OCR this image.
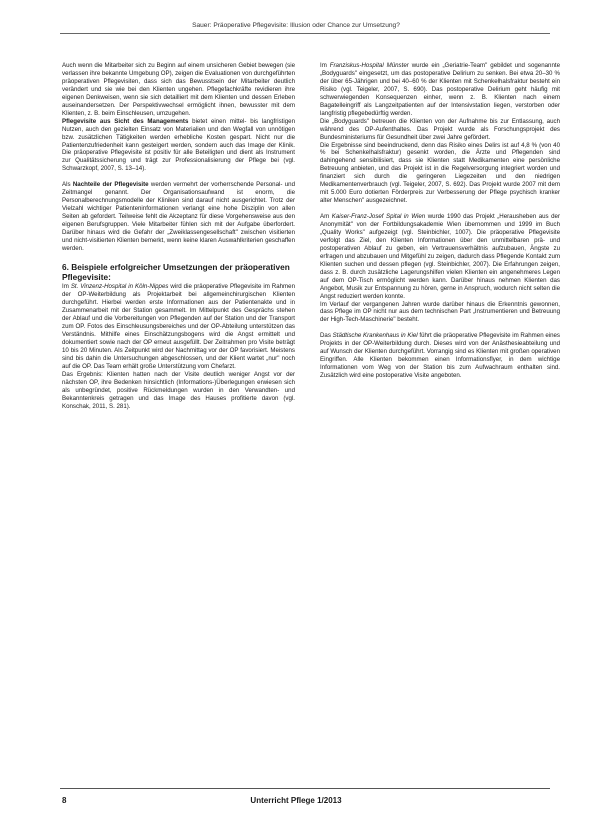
Sauer: Präoperative Pflegevisite: Illusion oder Chance zur Umsetzung?

Auch wenn die Mitarbeiter sich zu Beginn auf einem unsicheren Gebiet bewegen (sie verlassen ihre bekannte Umgebung OP), zeigen die Evaluationen von durchgeführten präoperativen Pflegevisiten, dass sich das Bewusstsein der Mitarbeiter deutlich verändert und sie wie bei den Klienten ungehen. Pflegefachkräfte revidieren ihre eigenen Denkweisen, wenn sie sich detailliert mit dem Klienten und dessen Erleben auseinandersetzen. Der Perspektivwechsel ermöglicht ihnen, bewusster mit dem Klienten, z. B. beim Einschleusen, umzugehen.

Pflegevisite aus Sicht des Managements bietet einen mittel- bis langfristigen Nutzen, auch den gezielten Einsatz von Materialien und den Wegfall von unnötigen bzw. zusätzlichen Tätigkeiten werden erhebliche Kosten gespart. Nicht nur die Patientenzufriedenheit kann gesteigert werden, sondern auch das Image der Klinik. Die präoperative Pflegevisite ist positiv für alle Beteiligten und dient als Instrument zur Qualitätssicherung und trägt zur Professionalisierung der Pflege bei (vgl. Schwarzkopf, 2007, S. 13–14).

Als Nachteile der Pflegevisite werden vermehrt der vorherrschende Personal- und Zeitmangel genannt. Der Organisationsaufwand ist enorm, die Personalberechnungsmodelle der Kliniken sind darauf nicht ausgerichtet. Trotz der Vielzahl wichtiger Patienteninformationen verlangt eine hohe Disziplin von allen Seiten ab gefordert. Teilweise fehlt die Akzeptanz für diese Vorgehensweise aus den eigenen Berufsgruppen. Viele Mitarbeiter fühlen sich mit der Aufgabe überfordert. Darüber hinaus wird die Gefahr der „Zweiklassengesellschaft" zwischen visitierten und nicht-visitierten Klienten bemerkt, wenn keine klaren Auswahlkriterien geschaffen werden.

6. Beispiele erfolgreicher Umsetzungen der präoperativen Pflegevisite:

Im St. Vinzenz-Hospital in Köln-Nippes wird die präoperative Pflegevisite im Rahmen der OP-Weiterbildung als Projektarbeit bei allgemeinchirurgischen Klienten durchgeführt. Hierbei werden erste Informationen aus der Patientenakte und in Zusammenarbeit mit der Station gesammelt. Im Mittelpunkt des Gesprächs stehen der Ablauf und die Vorbereitungen von Pflegenden auf der Station und der Transport zum OP. Fotos des Einschleusungsbereiches und der OP-Abteilung unterstützen das Verständnis. Mithilfe eines Einschätzungsbogens wird die Angst ermittelt und dokumentiert sowie nach der OP erneut ausgefüllt. Der Zeitrahmen pro Visite beträgt 10 bis 20 Minuten. Als Zeitpunkt wird der Nachmittag vor der OP favorisiert. Meistens sind bis dahin die Untersuchungen abgeschlossen, und der Klient wartet „nur" noch auf die OP. Das Team erhält große Unterstützung vom Chefarzt.

Das Ergebnis: Klienten hatten nach der Visite deutlich weniger Angst vor der nächsten OP, ihre Bedenken hinsichtlich (Informations-)Überlegungen erwiesen sich als unbegründet, positive Rückmeldungen wurden in den Verwandten- und Bekanntenkreis getragen und das Image des Hauses profitierte davon (vgl. Konschak, 2011, S. 281).

Im Franziskus-Hospital Münster wurde ein „Geriatrie-Team" gebildet und sogenannte „Bodyguards" eingesetzt, um das postoperative Delirium zu senken. Bei etwa 20–30 % der über 65-Jährigen und bei 40–60 % der Klienten mit Schenkelhalsfraktur besteht ein Risiko (vgl. Teigeler, 2007, S. 690). Das postoperative Delirium geht häufig mit schwerwiegenden Konsequenzen einher, wenn z. B. Klienten nach einem Bagatelleingriff als Langzeitpatienten auf der Intensivstation liegen, verstorben oder langfristig pflegebedürftig werden.

Die „Bodyguards" betreuen die Klienten von der Aufnahme bis zur Entlassung, auch während des OP-Aufenthaltes. Das Projekt wurde als Forschungsprojekt des Bundesministeriums für Gesundheit über zwei Jahre gefördert.

Die Ergebnisse sind beeindruckend, denn das Risiko eines Delirs ist auf 4,8 % (von 40 % bei Schenkelhalsfraktur) gesenkt worden, die Ärzte und Pflegenden sind dahingehend sensibilisiert, dass sie Klienten statt Medikamenten eine persönliche Betreuung anbieten, und das Projekt ist in die Regelversorgung integriert worden und finanziert sich durch die geringeren Liegezeiten und den niedrigen Medikamentenverbrauch (vgl. Teigeler, 2007, S. 692). Das Projekt wurde 2007 mit dem mit 5.000 Euro dotierten Förderpreis zur Verbesserung der Pflege psychisch kranker alter Menschen" ausgezeichnet.

Am Kaiser-Franz-Josef Spital in Wien wurde 1990 das Projekt „Herausheben aus der Anonymität" von der Fortbildungsakademie Wien übernommen und 1999 im Buch „Quality Works" aufgezeigt (vgl. Steinbichler, 1007). Die präoperative Pflegevisite verfolgt das Ziel, den Klienten Informationen über den unmittelbaren prä- und postoperativen Ablauf zu geben, ein Vertrauensverhältnis aufzubauen, Ängste zu erfragen und abzubauen und Mitgefühl zu zeigen, dadurch dass Pflegende Kontakt zum Klienten suchen und dessen pflegen (vgl. Steinbichler, 2007). Die Erfahrungen zeigen, dass z. B. durch zusätzliche Lagerungshilfen vielen Klienten ein angenehmeres Legen auf dem OP-Tisch ermöglicht werden kann. Darüber hinaus nehmen Klienten das Angebot, Musik zur Entspannung zu hören, gerne in Anspruch, wodurch nicht selten die Angst reduziert werden konnte.

Im Verlauf der vergangenen Jahren wurde darüber hinaus die Erkenntnis gewonnen, dass Pflege im OP nicht nur aus dem technischen Part „Instrumentieren und Betreuung der High-Tech-Maschinerie" besteht.

Das Städtische Krankenhaus in Kiel führt die präoperative Pflegevisite im Rahmen eines Projekts in der OP-Weiterbildung durch. Dieses wird von der Anästhesieabteilung und auf Wunsch der Klienten durchgeführt. Vorrangig sind es Klienten mit großen operativen Eingriffen. Alle Klienten bekommen einen Informationsflyer, in dem wichtige Informationen vom Weg von der Station bis zum Aufwachraum enthalten sind. Zusätzlich wird eine postoperative Visite angeboten.

8	Unterricht Pflege 1/2013
